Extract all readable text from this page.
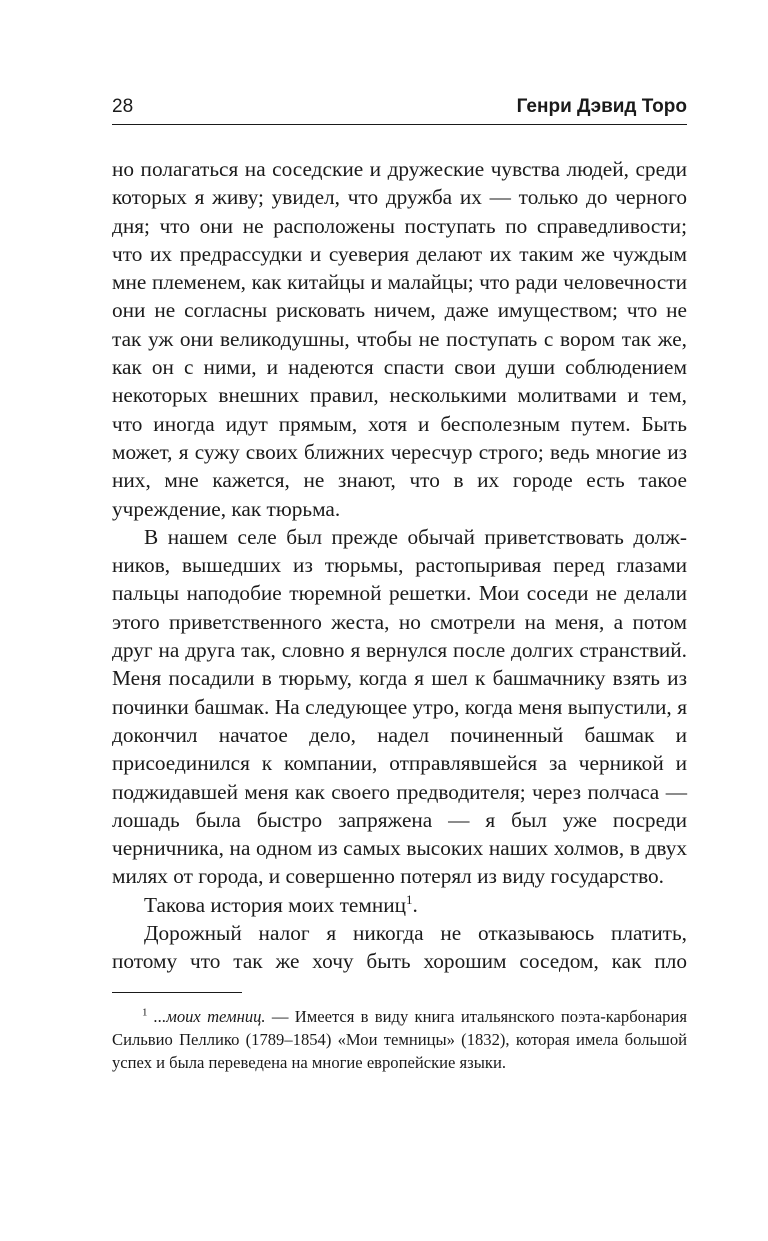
28	Генри Дэвид Торо

но полагаться на соседские и дружеские чувства людей, среди которых я живу; увидел, что дружба их — только до черного дня; что они не расположены поступать по справедливости; что их предрассудки и суеверия делают их таким же чуждым мне племенем, как китайцы и малайцы; что ради человечности они не согласны рисковать ничем, даже имуществом; что не так уж они великодушны, чтобы не поступать с вором так же, как он с ними, и надеются спасти свои души соблюдением некоторых внешних правил, несколькими молитвами и тем, что иногда идут прямым, хотя и бесполезным путем. Быть может, я сужу своих ближних чересчур строго; ведь многие из них, мне кажется, не знают, что в их городе есть такое учреждение, как тюрьма.

В нашем селе был прежде обычай приветствовать должников, вышедших из тюрьмы, растопыривая перед глазами пальцы наподобие тюремной решетки. Мои соседи не делали этого приветственного жеста, но смотрели на меня, а потом друг на друга так, словно я вернулся после долгих странствий. Меня посадили в тюрьму, когда я шел к башмачнику взять из починки башмак. На следующее утро, когда меня выпустили, я докончил начатое дело, надел починенный башмак и присоединился к компании, отправлявшейся за черникой и поджидавшей меня как своего предводителя; через полчаса — лошадь была быстро запряжена — я был уже посреди черничника, на одном из самых высоких наших холмов, в двух милях от города, и совершенно потерял из виду государство.

Такова история моих темниц$^1$.

Дорожный налог я никогда не отказываюсь платить, потому что так же хочу быть хорошим соседом, как пло

$^1$ ...моих темниц. — Имеется в виду книга итальянского поэта-карбонария Сильвио Пеллико (1789–1854) «Мои темницы» (1832), которая имела большой успех и была переведена на многие европейские языки.
